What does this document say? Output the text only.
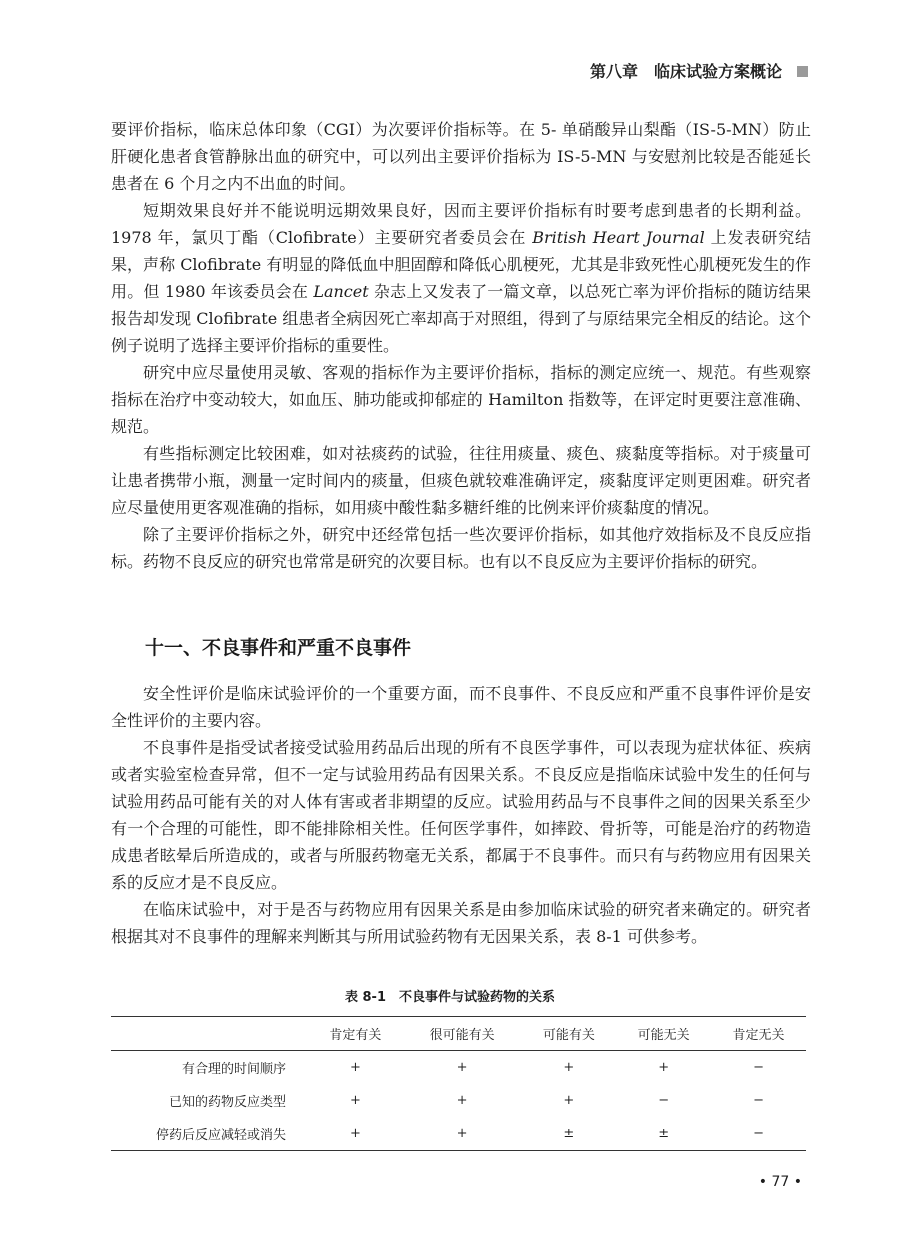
第八章　临床试验方案概论

要评价指标，临床总体印象（CGI）为次要评价指标等。在 5- 单硝酸异山梨酯（IS-5-MN）防止肝硬化患者食管静脉出血的研究中，可以列出主要评价指标为 IS-5-MN 与安慰剂比较是否能延长患者在 6 个月之内不出血的时间。

短期效果良好并不能说明远期效果良好，因而主要评价指标有时要考虑到患者的长期利益。1978 年，氯贝丁酯（Clofibrate）主要研究者委员会在 British Heart Journal 上发表研究结果，声称 Clofibrate 有明显的降低血中胆固醇和降低心肌梗死，尤其是非致死性心肌梗死发生的作用。但 1980 年该委员会在 Lancet 杂志上又发表了一篇文章，以总死亡率为评价指标的随访结果报告却发现 Clofibrate 组患者全病因死亡率却高于对照组，得到了与原结果完全相反的结论。这个例子说明了选择主要评价指标的重要性。

研究中应尽量使用灵敏、客观的指标作为主要评价指标，指标的测定应统一、规范。有些观察指标在治疗中变动较大，如血压、肺功能或抑郁症的 Hamilton 指数等，在评定时更要注意准确、规范。

有些指标测定比较困难，如对祛痰药的试验，往往用痰量、痰色、痰黏度等指标。对于痰量可让患者携带小瓶，测量一定时间内的痰量，但痰色就较难准确评定，痰黏度评定则更困难。研究者应尽量使用更客观准确的指标，如用痰中酸性黏多糖纤维的比例来评价痰黏度的情况。

除了主要评价指标之外，研究中还经常包括一些次要评价指标，如其他疗效指标及不良反应指标。药物不良反应的研究也常常是研究的次要目标。也有以不良反应为主要评价指标的研究。

十一、不良事件和严重不良事件

安全性评价是临床试验评价的一个重要方面，而不良事件、不良反应和严重不良事件评价是安全性评价的主要内容。

不良事件是指受试者接受试验用药品后出现的所有不良医学事件，可以表现为症状体征、疾病或者实验室检查异常，但不一定与试验用药品有因果关系。不良反应是指临床试验中发生的任何与试验用药品可能有关的对人体有害或者非期望的反应。试验用药品与不良事件之间的因果关系至少有一个合理的可能性，即不能排除相关性。任何医学事件，如摔跤、骨折等，可能是治疗的药物造成患者眩晕后所造成的，或者与所服药物毫无关系，都属于不良事件。而只有与药物应用有因果关系的反应才是不良反应。

在临床试验中，对于是否与药物应用有因果关系是由参加临床试验的研究者来确定的。研究者根据其对不良事件的理解来判断其与所用试验药物有无因果关系，表 8-1 可供参考。

表 8-1　不良事件与试验药物的关系
	肯定有关	很可能有关	可能有关	可能无关	肯定无关
有合理的时间顺序	+	+	+	+	−
已知的药物反应类型	+	+	+	−	−
停药后反应减轻或消失	+	+	±	±	−
• 77 •
